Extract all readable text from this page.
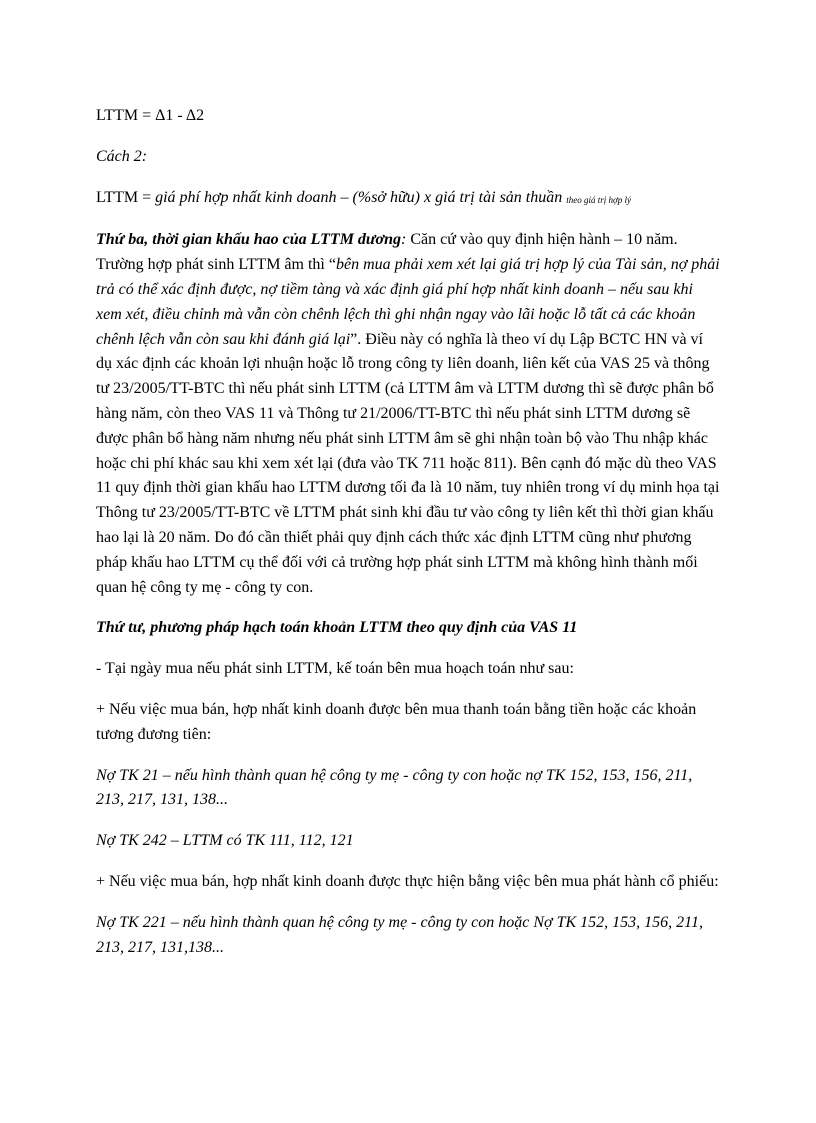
LTTM = Δ1 - Δ2

Cách 2:

LTTM = giá phí hợp nhất kinh doanh – (%sở hữu) x giá trị tài sản thuần theo giá trị hợp lý

Thứ ba, thời gian khấu hao của LTTM dương: Căn cứ vào quy định hiện hành – 10 năm. Trường hợp phát sinh LTTM âm thì “bên mua phải xem xét lại giá trị hợp lý của Tài sản, nợ phải trả có thể xác định được, nợ tiềm tàng và xác định giá phí hợp nhất kinh doanh – nếu sau khi xem xét, điều chỉnh mà vẫn còn chênh lệch thì ghi nhận ngay vào lãi hoặc lỗ tất cả các khoản chênh lệch vẫn còn sau khi đánh giá lại”. Điều này có nghĩa là theo ví dụ Lập BCTC HN và ví dụ xác định các khoản lợi nhuận hoặc lỗ trong công ty liên doanh, liên kết của VAS 25 và thông tư 23/2005/TT-BTC thì nếu phát sinh LTTM (cả LTTM âm và LTTM dương thì sẽ được phân bổ hàng năm, còn theo VAS 11 và Thông tư 21/2006/TT-BTC thì nếu phát sinh LTTM dương sẽ được phân bổ hàng năm nhưng nếu phát sinh LTTM âm sẽ ghi nhận toàn bộ vào Thu nhập khác hoặc chi phí khác sau khi xem xét lại (đưa vào TK 711 hoặc 811). Bên cạnh đó mặc dù theo VAS 11 quy định thời gian khấu hao LTTM dương tối đa là 10 năm, tuy nhiên trong ví dụ minh họa tại Thông tư 23/2005/TT-BTC về LTTM phát sinh khi đầu tư vào công ty liên kết thì thời gian khấu hao lại là 20 năm. Do đó cần thiết phải quy định cách thức xác định LTTM cũng như phương pháp khấu hao LTTM cụ thể đối với cả trường hợp phát sinh LTTM mà không hình thành mối quan hệ công ty mẹ - công ty con.

Thứ tư, phương pháp hạch toán khoản LTTM theo quy định của VAS 11

- Tại ngày mua nếu phát sinh LTTM, kế toán bên mua hoạch toán như sau:

+ Nếu việc mua bán, hợp nhất kinh doanh được bên mua thanh toán bằng tiền hoặc các khoản tương đương tiên:

Nợ TK 21 – nếu hình thành quan hệ công ty mẹ - công ty con hoặc nợ TK 152, 153, 156, 211, 213, 217, 131, 138...

Nợ TK 242 – LTTM có TK 111, 112, 121

+ Nếu việc mua bán, hợp nhất kinh doanh được thực hiện bằng việc bên mua phát hành cổ phiếu:

Nợ TK 221 – nếu hình thành quan hệ công ty mẹ - công ty con hoặc Nợ TK 152, 153, 156, 211, 213, 217, 131,138...
